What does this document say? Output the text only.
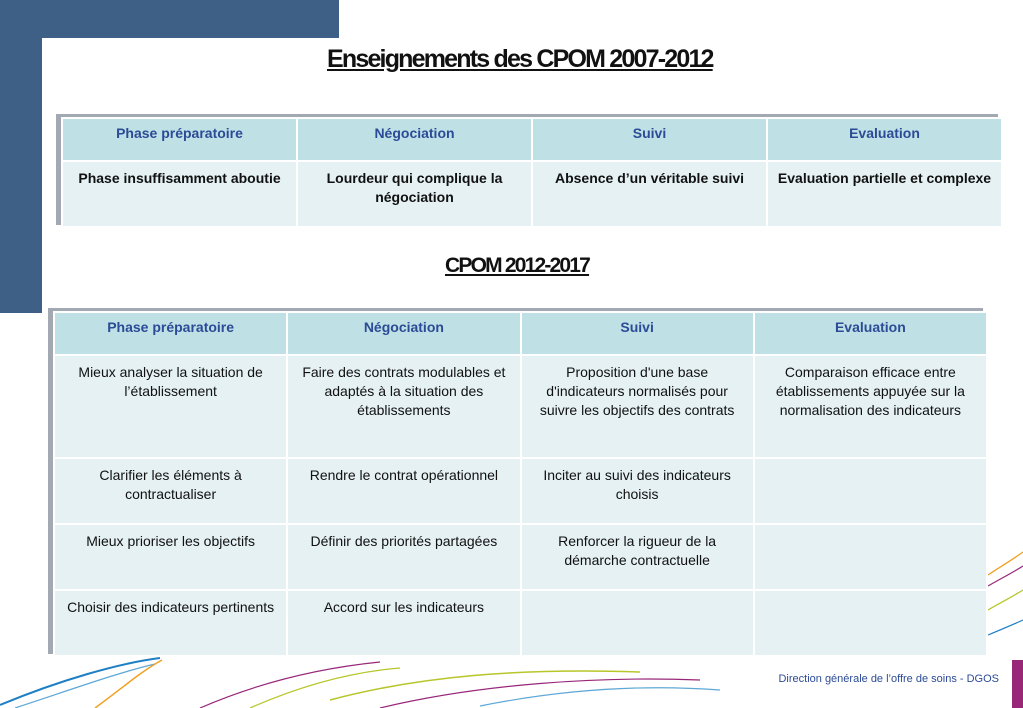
Enseignements des CPOM 2007-2012
Phase préparatoire	Négociation	Suivi	Evaluation
Phase insuffisamment aboutie	Lourdeur qui complique la négociation	Absence d’un véritable suivi	Evaluation partielle et complexe
CPOM 2012-2017
Phase préparatoire	Négociation	Suivi	Evaluation
Mieux analyser la situation de l’établissement	Faire des contrats modulables et adaptés à la situation des établissements	Proposition d'une base d'indicateurs normalisés pour suivre les objectifs des contrats	Comparaison efficace entre établissements appuyée sur la normalisation des indicateurs
Clarifier les éléments à contractualiser	Rendre le contrat opérationnel	Inciter au suivi des indicateurs choisis	
Mieux prioriser les objectifs	Définir des priorités partagées	Renforcer la rigueur de la démarche contractuelle	
Choisir des indicateurs pertinents	Accord sur les indicateurs		
Direction générale de l’offre de soins - DGOS
